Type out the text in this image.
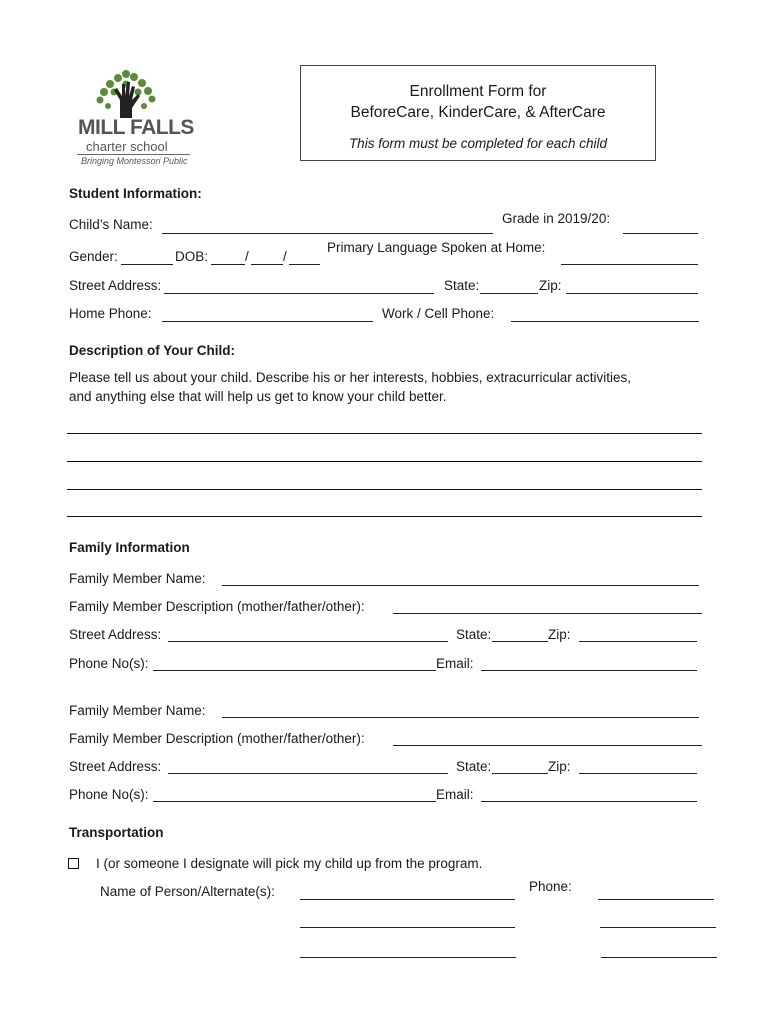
MILL FALLS
charter school
Bringing Montessori Public
Enrollment Form for
BeforeCare, KinderCare, & AfterCare
This form must be completed for each child
Student Information:
Child’s Name:	Grade in 2019/20:
Gender:	DOB:	/	/
Primary Language Spoken at Home:
Street Address:	State:	Zip:
Home Phone:	Work / Cell Phone:
Description of Your Child:
Please tell us about your child. Describe his or her interests, hobbies, extracurricular activities,
and anything else that will help us get to know your child better.
Family Information
Family Member Name:
Family Member Description (mother/father/other):
Street Address:	State:	Zip:
Phone No(s):	Email:
Family Member Name:
Family Member Description (mother/father/other):
Street Address:	State:	Zip:
Phone No(s):	Email:
Transportation
I (or someone I designate will pick my child up from the program.
Name of Person/Alternate(s):	Phone:
